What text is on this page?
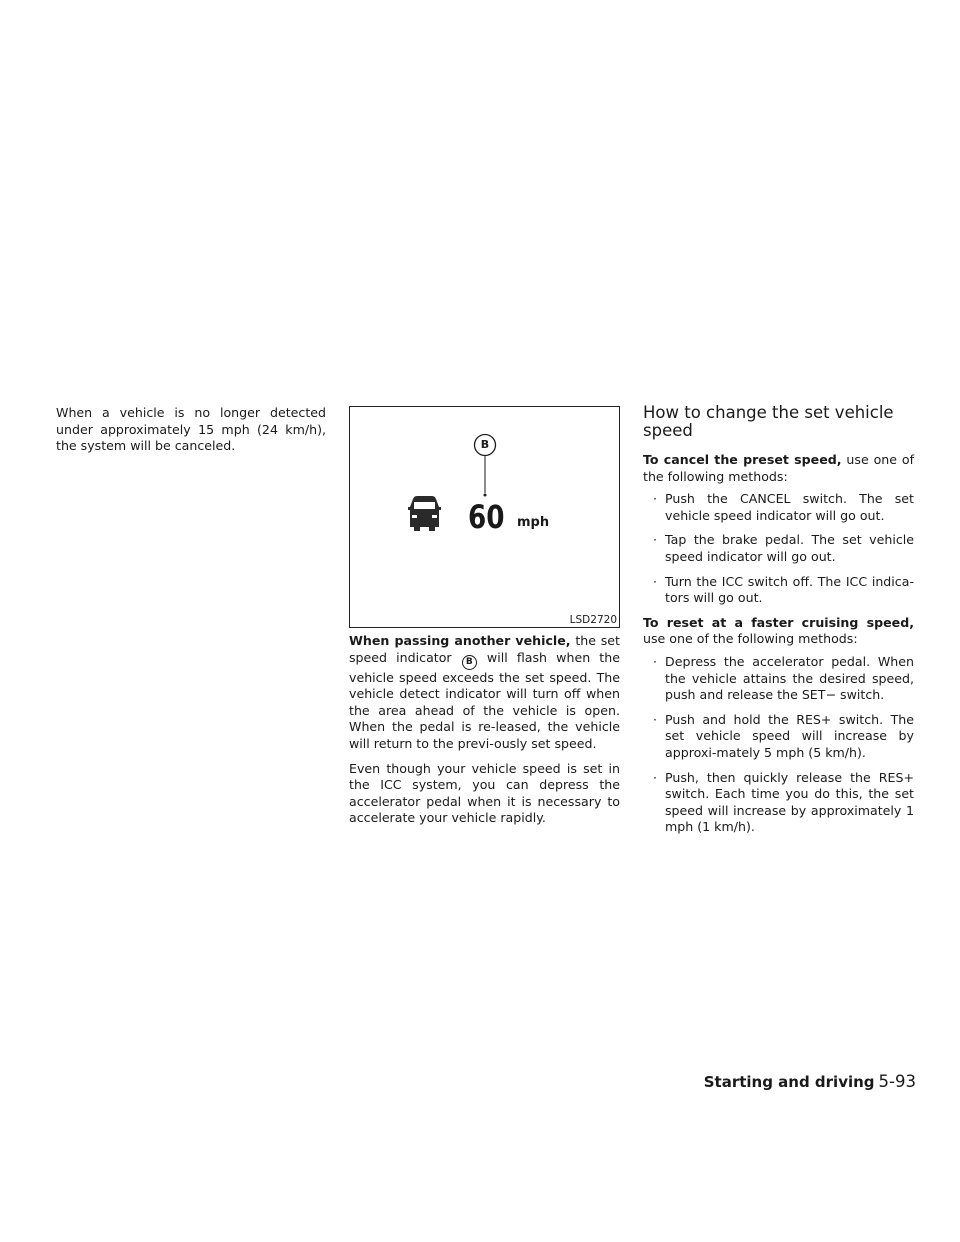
When a vehicle is no longer detected under approximately 15 mph (24 km/h), the system will be canceled.	B
60 mph
LSD2720

When passing another vehicle, the set speed indicator B will flash when the vehicle speed exceeds the set speed. The vehicle detect indicator will turn off when the area ahead of the vehicle is open. When the pedal is re-leased, the vehicle will return to the previ-ously set speed.

Even though your vehicle speed is set in the ICC system, you can depress the accelerator pedal when it is necessary to accelerate your vehicle rapidly.

How to change the set vehicle speed

To cancel the preset speed, use one of the following methods:

· Push the CANCEL switch. The set vehicle speed indicator will go out.
· Tap the brake pedal. The set vehicle speed indicator will go out.
· Turn the ICC switch off. The ICC indica-tors will go out.

To reset at a faster cruising speed, use one of the following methods:

· Depress the accelerator pedal. When the vehicle attains the desired speed, push and release the SET− switch.
· Push and hold the RES+ switch. The set vehicle speed will increase by approxi-mately 5 mph (5 km/h).
· Push, then quickly release the RES+ switch. Each time you do this, the set speed will increase by approximately 1 mph (1 km/h).
Starting and driving 5-93
